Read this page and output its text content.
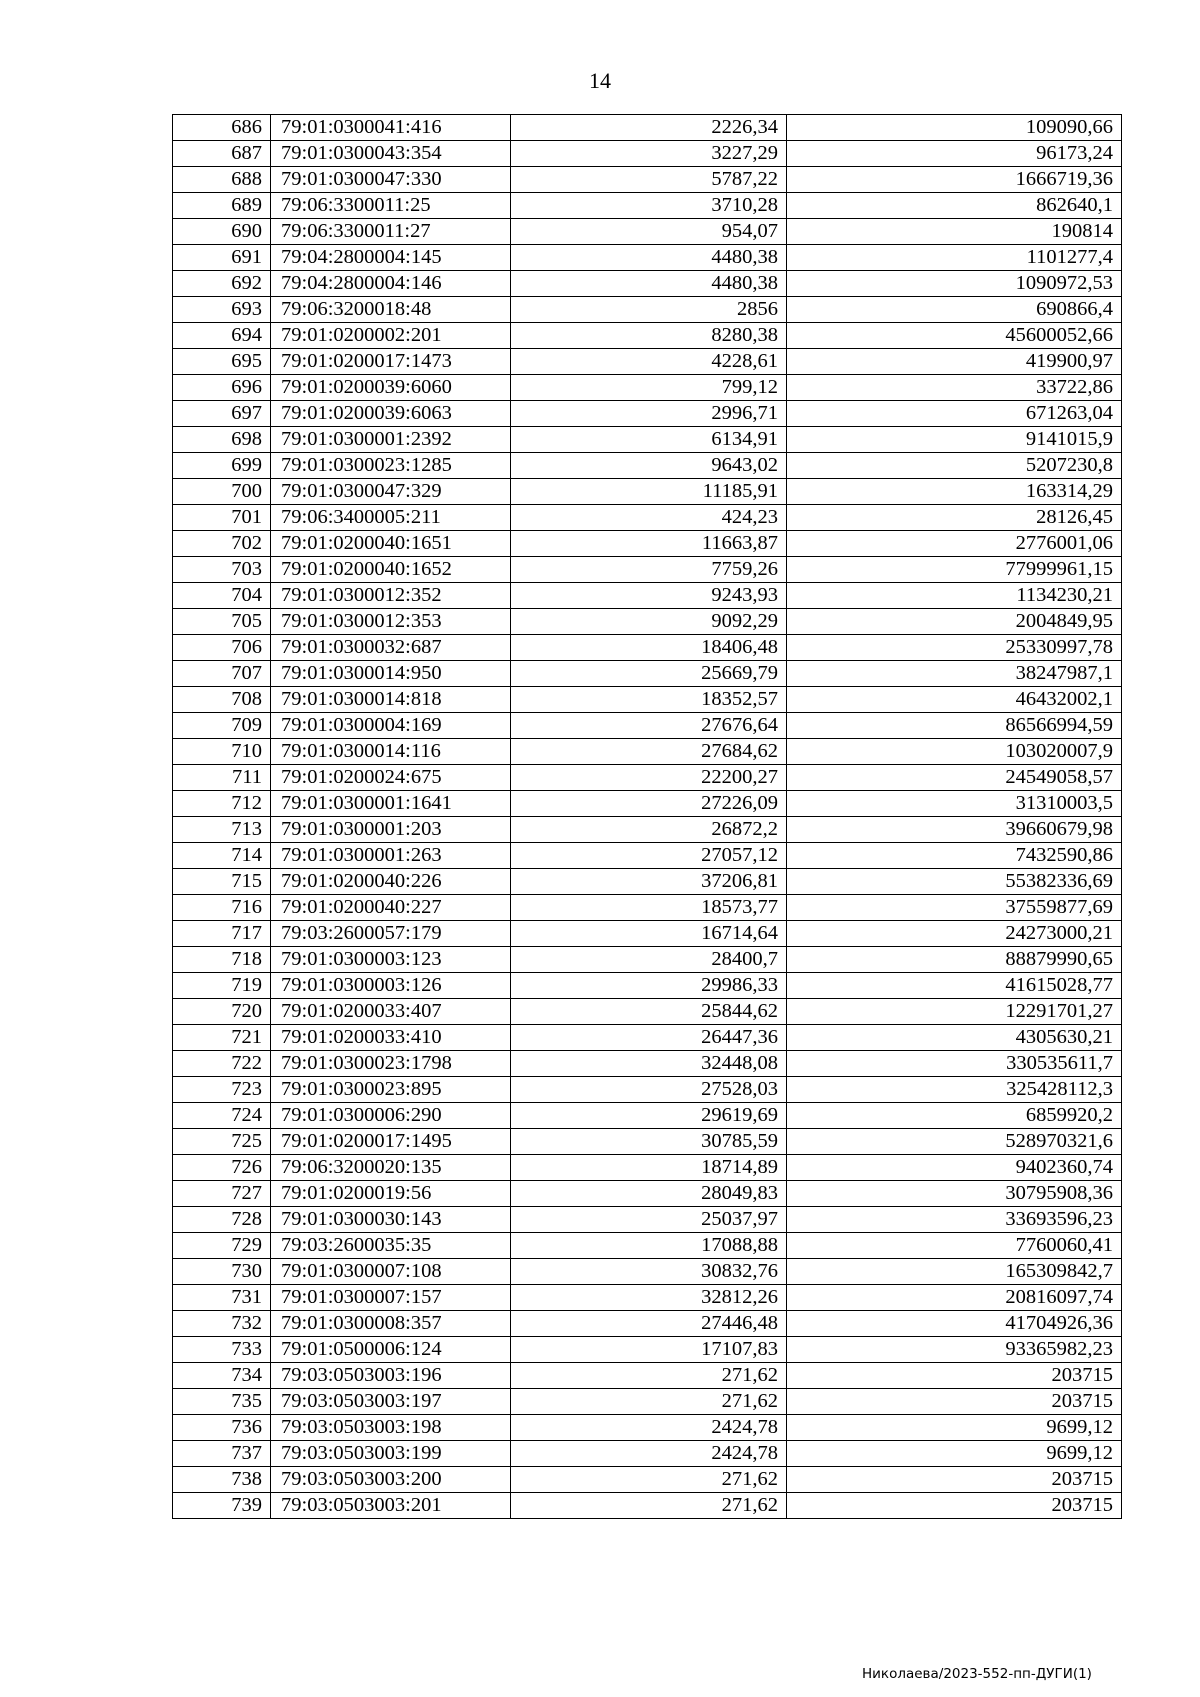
14
686	79:01:0300041:416	2226,34	109090,66
687	79:01:0300043:354	3227,29	96173,24
688	79:01:0300047:330	5787,22	1666719,36
689	79:06:3300011:25	3710,28	862640,1
690	79:06:3300011:27	954,07	190814
691	79:04:2800004:145	4480,38	1101277,4
692	79:04:2800004:146	4480,38	1090972,53
693	79:06:3200018:48	2856	690866,4
694	79:01:0200002:201	8280,38	45600052,66
695	79:01:0200017:1473	4228,61	419900,97
696	79:01:0200039:6060	799,12	33722,86
697	79:01:0200039:6063	2996,71	671263,04
698	79:01:0300001:2392	6134,91	9141015,9
699	79:01:0300023:1285	9643,02	5207230,8
700	79:01:0300047:329	11185,91	163314,29
701	79:06:3400005:211	424,23	28126,45
702	79:01:0200040:1651	11663,87	2776001,06
703	79:01:0200040:1652	7759,26	77999961,15
704	79:01:0300012:352	9243,93	1134230,21
705	79:01:0300012:353	9092,29	2004849,95
706	79:01:0300032:687	18406,48	25330997,78
707	79:01:0300014:950	25669,79	38247987,1
708	79:01:0300014:818	18352,57	46432002,1
709	79:01:0300004:169	27676,64	86566994,59
710	79:01:0300014:116	27684,62	103020007,9
711	79:01:0200024:675	22200,27	24549058,57
712	79:01:0300001:1641	27226,09	31310003,5
713	79:01:0300001:203	26872,2	39660679,98
714	79:01:0300001:263	27057,12	7432590,86
715	79:01:0200040:226	37206,81	55382336,69
716	79:01:0200040:227	18573,77	37559877,69
717	79:03:2600057:179	16714,64	24273000,21
718	79:01:0300003:123	28400,7	88879990,65
719	79:01:0300003:126	29986,33	41615028,77
720	79:01:0200033:407	25844,62	12291701,27
721	79:01:0200033:410	26447,36	4305630,21
722	79:01:0300023:1798	32448,08	330535611,7
723	79:01:0300023:895	27528,03	325428112,3
724	79:01:0300006:290	29619,69	6859920,2
725	79:01:0200017:1495	30785,59	528970321,6
726	79:06:3200020:135	18714,89	9402360,74
727	79:01:0200019:56	28049,83	30795908,36
728	79:01:0300030:143	25037,97	33693596,23
729	79:03:2600035:35	17088,88	7760060,41
730	79:01:0300007:108	30832,76	165309842,7
731	79:01:0300007:157	32812,26	20816097,74
732	79:01:0300008:357	27446,48	41704926,36
733	79:01:0500006:124	17107,83	93365982,23
734	79:03:0503003:196	271,62	203715
735	79:03:0503003:197	271,62	203715
736	79:03:0503003:198	2424,78	9699,12
737	79:03:0503003:199	2424,78	9699,12
738	79:03:0503003:200	271,62	203715
739	79:03:0503003:201	271,62	203715
Николаева/2023-552-пп-ДУГИ(1)
